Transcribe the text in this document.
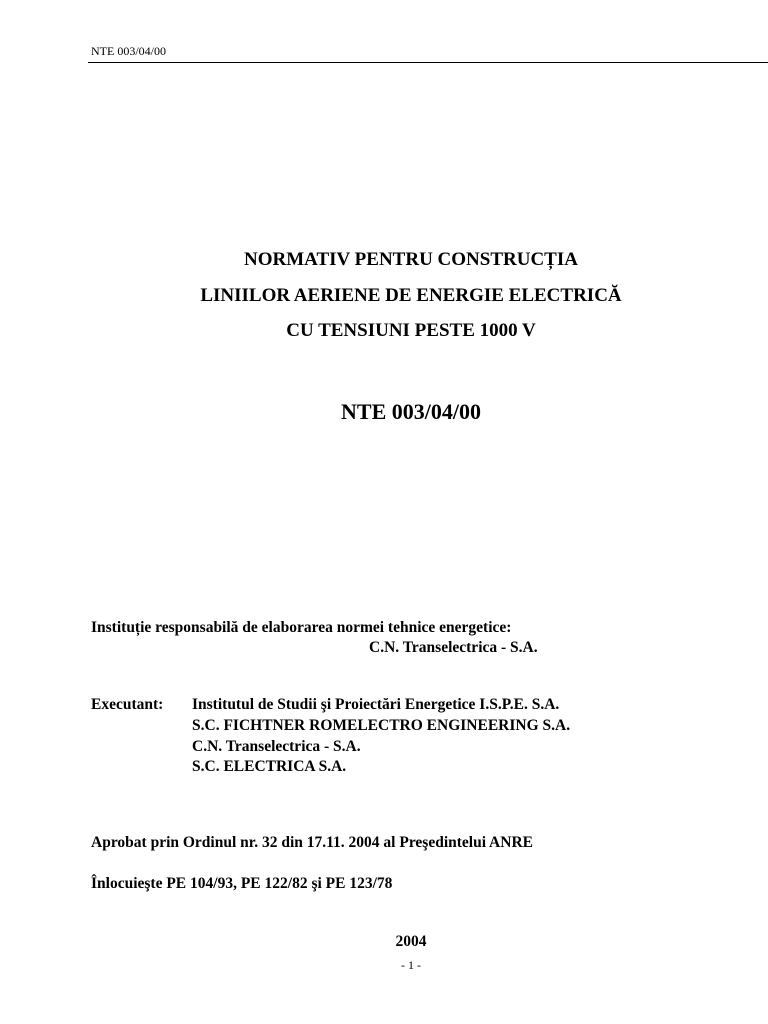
NTE 003/04/00
NORMATIV PENTRU CONSTRUCȚIA
LINIILOR AERIENE DE ENERGIE ELECTRICĂ
CU TENSIUNI PESTE 1000 V
NTE 003/04/00
Instituție responsabilă de elaborarea normei tehnice energetice:
C.N. Transelectrica - S.A.
Executant: Institutul de Studii şi Proiectări Energetice I.S.P.E. S.A.
S.C. FICHTNER ROMELECTRO ENGINEERING S.A.
C.N. Transelectrica - S.A.
S.C. ELECTRICA S.A.
Aprobat prin Ordinul nr. 32 din 17.11. 2004 al Preşedintelui ANRE
Înlocuieşte PE 104/93, PE 122/82 şi PE 123/78
2004
- 1 -
